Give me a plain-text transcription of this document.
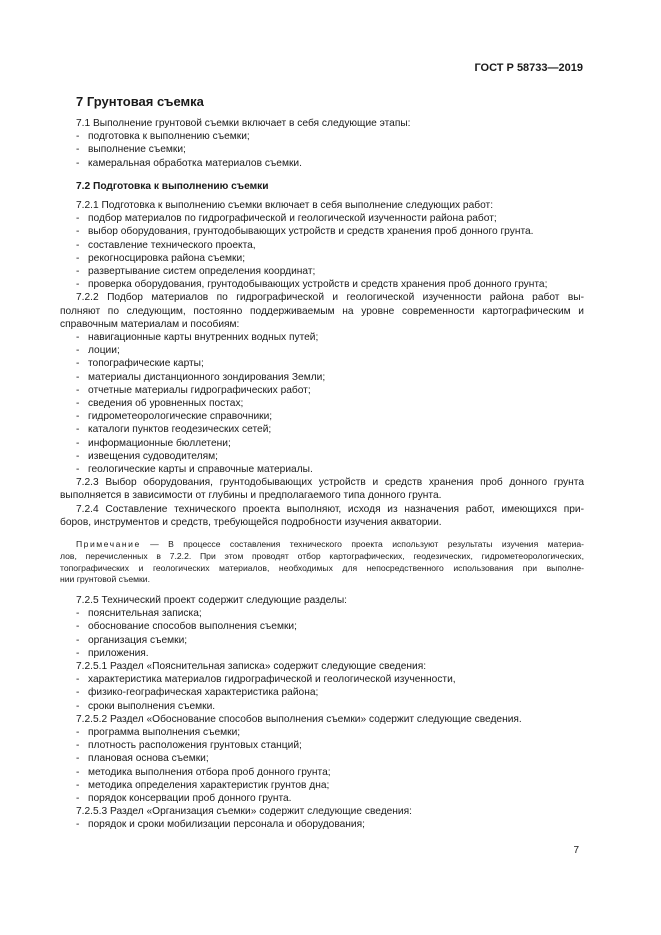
ГОСТ Р 58733—2019
7 Грунтовая съемка
7.1 Выполнение грунтовой съемки включает в себя следующие этапы:
- подготовка к выполнению съемки;
- выполнение съемки;
- камеральная обработка материалов съемки.
7.2 Подготовка к выполнению съемки
7.2.1 Подготовка к выполнению съемки включает в себя выполнение следующих работ:
- подбор материалов по гидрографической и геологической изученности района работ;
- выбор оборудования, грунтодобывающих устройств и средств хранения проб донного грунта.
- составление технического проекта,
- рекогносцировка района съемки;
- развертывание систем определения координат;
- проверка оборудования, грунтодобывающих устройств и средств хранения проб донного грунта;
7.2.2 Подбор материалов по гидрографической и геологической изученности района работ вы-
полняют по следующим, постоянно поддерживаемым на уровне современности картографическим и
справочным материалам и пособиям:
- навигационные карты внутренних водных путей;
- лоции;
- топографические карты;
- материалы дистанционного зондирования Земли;
- отчетные материалы гидрографических работ;
- сведения об уровненных постах;
- гидрометеорологические справочники;
- каталоги пунктов геодезических сетей;
- информационные бюллетени;
- извещения судоводителям;
- геологические карты и справочные материалы.
7.2.3 Выбор оборудования, грунтодобывающих устройств и средств хранения проб донного грунта
выполняется в зависимости от глубины и предполагаемого типа донного грунта.
7.2.4 Составление технического проекта выполняют, исходя из назначения работ, имеющихся при-
боров, инструментов и средств, требующейся подробности изучения акватории.
Примечание — В процессе составления технического проекта используют результаты изучения материа-
лов, перечисленных в 7.2.2. При этом проводят отбор картографических, геодезических, гидрометеорологических,
топографических и геологических материалов, необходимых для непосредственного использования при выполне-
нии грунтовой съемки.
7.2.5 Технический проект содержит следующие разделы:
- пояснительная записка;
- обоснование способов выполнения съемки;
- организация съемки;
- приложения.
7.2.5.1 Раздел «Пояснительная записка» содержит следующие сведения:
- характеристика материалов гидрографической и геологической изученности,
- физико-географическая характеристика района;
- сроки выполнения съемки.
7.2.5.2 Раздел «Обоснование способов выполнения съемки» содержит следующие сведения.
- программа выполнения съемки;
- плотность расположения грунтовых станций;
- плановая основа съемки;
- методика выполнения отбора проб донного грунта;
- методика определения характеристик грунтов дна;
- порядок консервации проб донного грунта.
7.2.5.3 Раздел «Организация съемки» содержит следующие сведения:
- порядок и сроки мобилизации персонала и оборудования;
7
